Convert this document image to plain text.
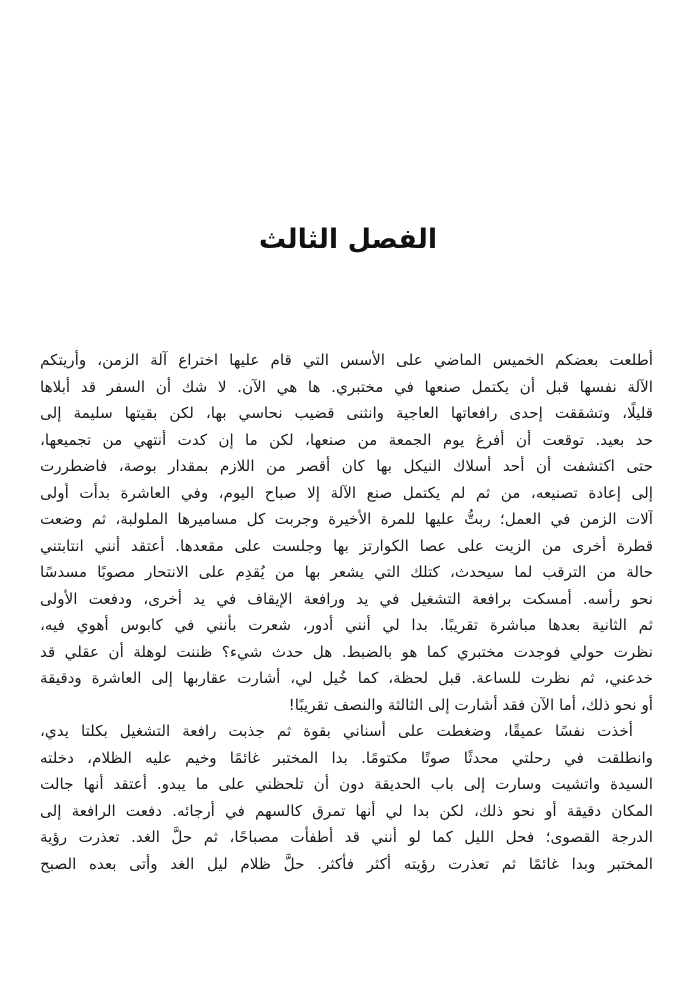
الفصل الثالث
أطلعت بعضكم الخميس الماضي على الأسس التي قام عليها اختراع آلة الزمن، وأريتكم
الآلة نفسها قبل أن يكتمل صنعها في مختبري. ها هي الآن. لا شك أن السفر قد أبلاها
قليلًا، وتشققت إحدى رافعاتها العاجية وانثنى قضيب نحاسي بها، لكن بقيتها سليمة إلى
حد بعيد. توقعت أن أفرغ يوم الجمعة من صنعها، لكن ما إن كدت أنتهي من تجميعها،
حتى اكتشفت أن أحد أسلاك النيكل بها كان أقصر من اللازم بمقدار بوصة، فاضطررت
إلى إعادة تصنيعه، من ثم لم يكتمل صنع الآلة إلا صباح اليوم، وفي العاشرة بدأت أولى
آلات الزمن في العمل؛ ربتُّ عليها للمرة الأخيرة وجربت كل مساميرها الملولبة، ثم وضعت
قطرة أخرى من الزيت على عصا الكوارتز بها وجلست على مقعدها. أعتقد أنني انتابتني
حالة من الترقب لما سيحدث، كتلك التي يشعر بها من يُقدِم على الانتحار مصوبًا مسدسًا
نحو رأسه. أمسكت برافعة التشغيل في يد ورافعة الإيقاف في يد أخرى، ودفعت الأولى
ثم الثانية بعدها مباشرة تقريبًا. بدا لي أنني أدور، شعرت بأنني في كابوس أهوي فيه،
نظرت حولي فوجدت مختبري كما هو بالضبط. هل حدث شيء؟ ظننت لوهلة أن عقلي قد
خدعني، ثم نظرت للساعة. قبل لحظة، كما خُيل لي، أشارت عقاربها إلى العاشرة ودقيقة
أو نحو ذلك، أما الآن فقد أشارت إلى الثالثة والنصف تقريبًا!
أخذت نفسًا عميقًا، وضغطت على أسناني بقوة ثم جذبت رافعة التشغيل بكلتا يدي،
وانطلقت في رحلتي محدثًا صوتًا مكتومًا. بدا المختبر غائمًا وخيم عليه الظلام، دخلته
السيدة واتشيت وسارت إلى باب الحديقة دون أن تلحظني على ما يبدو. أعتقد أنها جالت
المكان دقيقة أو نحو ذلك، لكن بدا لي أنها تمرق كالسهم في أرجائه. دفعت الرافعة إلى
الدرجة القصوى؛ فحل الليل كما لو أنني قد أطفأت مصباحًا، ثم حلَّ الغد. تعذرت رؤية
المختبر وبدا غائمًا ثم تعذرت رؤيته أكثر فأكثر. حلَّ ظلام ليل الغد وأتى بعده الصبح
